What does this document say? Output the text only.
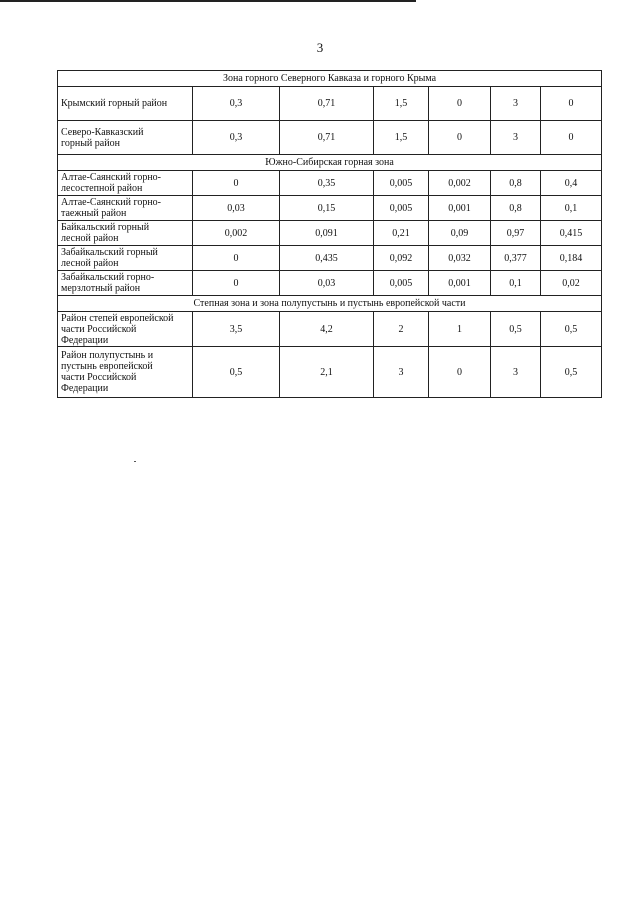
3
Зона горного Северного Кавказа и горного Крыма						

Крымский горный район	0,3	0,71	1,5	0	3	0

Северо-Кавказский
горный район	0,3	0,71	1,5	0	3	0
Южно-Сибирская горная зона						

Алтае-Саянский горно-
лесостепной район	0	0,35	0,005	0,002	0,8	0,4

Алтае-Саянский горно-
таежный район	0,03	0,15	0,005	0,001	0,8	0,1

Байкальский горный
лесной район	0,002	0,091	0,21	0,09	0,97	0,415

Забайкальский горный
лесной район	0	0,435	0,092	0,032	0,377	0,184

Забайкальский горно-
мерзлотный район	0	0,03	0,005	0,001	0,1	0,02
Степная зона и зона полупустынь и пустынь европейской части						

Район степей европейской
части Российской
Федерации	3,5	4,2	2	1	0,5	0,5

Район полупустынь и
пустынь европейской
части Российской
Федерации	0,5	2,1	3	0	3	0,5
